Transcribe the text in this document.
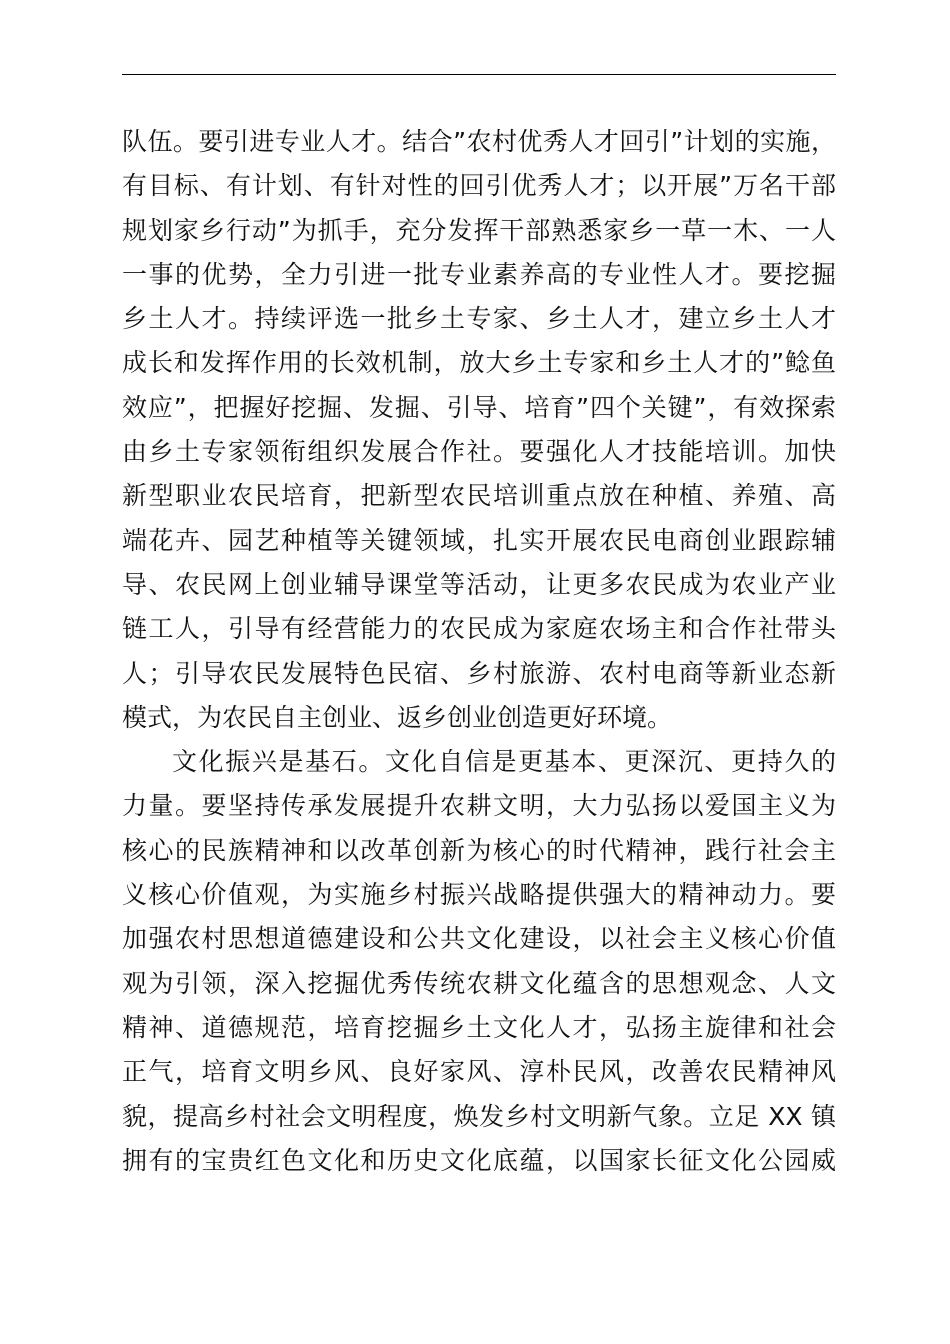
队伍。要引进专业人才。结合”农村优秀人才回引”计划的实施，
有目标、有计划、有针对性的回引优秀人才；以开展”万名干部
规划家乡行动”为抓手，充分发挥干部熟悉家乡一草一木、一人
一事的优势，全力引进一批专业素养高的专业性人才。要挖掘
乡土人才。持续评选一批乡土专家、乡土人才，建立乡土人才
成长和发挥作用的长效机制，放大乡土专家和乡土人才的”鲶鱼
效应”，把握好挖掘、发掘、引导、培育”四个关键”，有效探索
由乡土专家领衔组织发展合作社。要强化人才技能培训。加快
新型职业农民培育，把新型农民培训重点放在种植、养殖、高
端花卉、园艺种植等关键领域，扎实开展农民电商创业跟踪辅
导、农民网上创业辅导课堂等活动，让更多农民成为农业产业
链工人，引导有经营能力的农民成为家庭农场主和合作社带头
人；引导农民发展特色民宿、乡村旅游、农村电商等新业态新
模式，为农民自主创业、返乡创业创造更好环境。
文化振兴是基石。文化自信是更基本、更深沉、更持久的
力量。要坚持传承发展提升农耕文明，大力弘扬以爱国主义为
核心的民族精神和以改革创新为核心的时代精神，践行社会主
义核心价值观，为实施乡村振兴战略提供强大的精神动力。要
加强农村思想道德建设和公共文化建设，以社会主义核心价值
观为引领，深入挖掘优秀传统农耕文化蕴含的思想观念、人文
精神、道德规范，培育挖掘乡土文化人才，弘扬主旋律和社会
正气，培育文明乡风、良好家风、淳朴民风，改善农民精神风
貌，提高乡村社会文明程度，焕发乡村文明新气象。立足 XX 镇
拥有的宝贵红色文化和历史文化底蕴，以国家长征文化公园威
